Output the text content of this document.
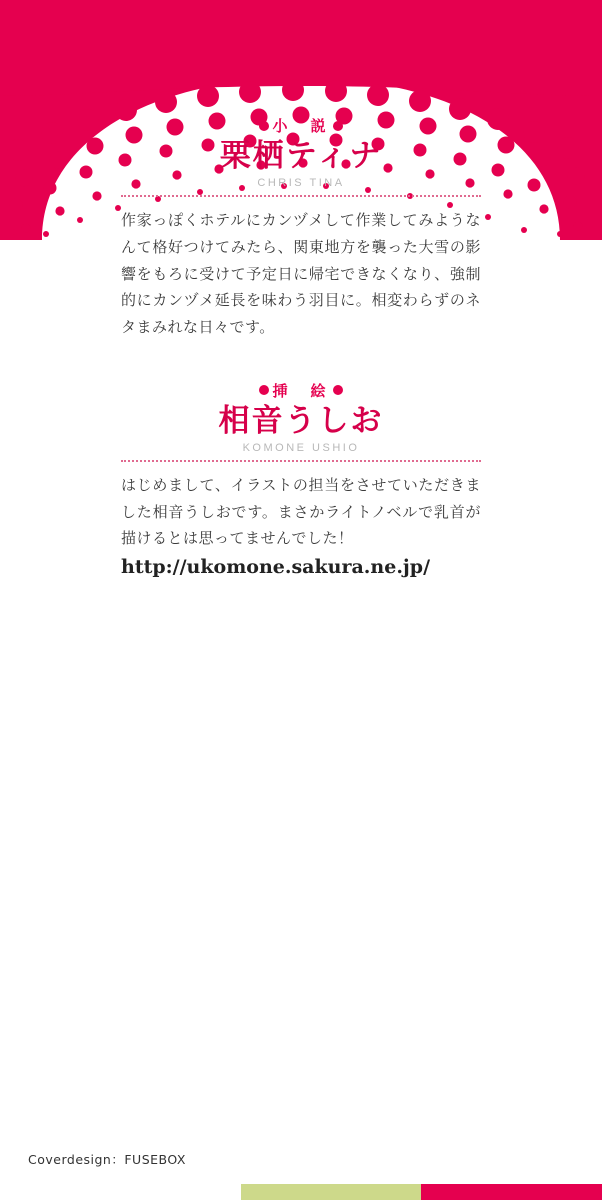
小　説
栗栖ティナ
CHRIS TINA
作家っぽくホテルにカンヅメして作業してみようなんて格好つけてみたら、関東地方を襲った大雪の影響をもろに受けて予定日に帰宅できなくなり、強制的にカンヅメ延長を味わう羽目に。相変わらずのネタまみれな日々です。
挿　絵
相音うしお
KOMONE USHIO
はじめまして、イラストの担当をさせていただきました相音うしおです。まさかライトノベルで乳首が描けるとは思ってませんでした！
http://ukomone.sakura.ne.jp/
Coverdesign：FUSEBOX
